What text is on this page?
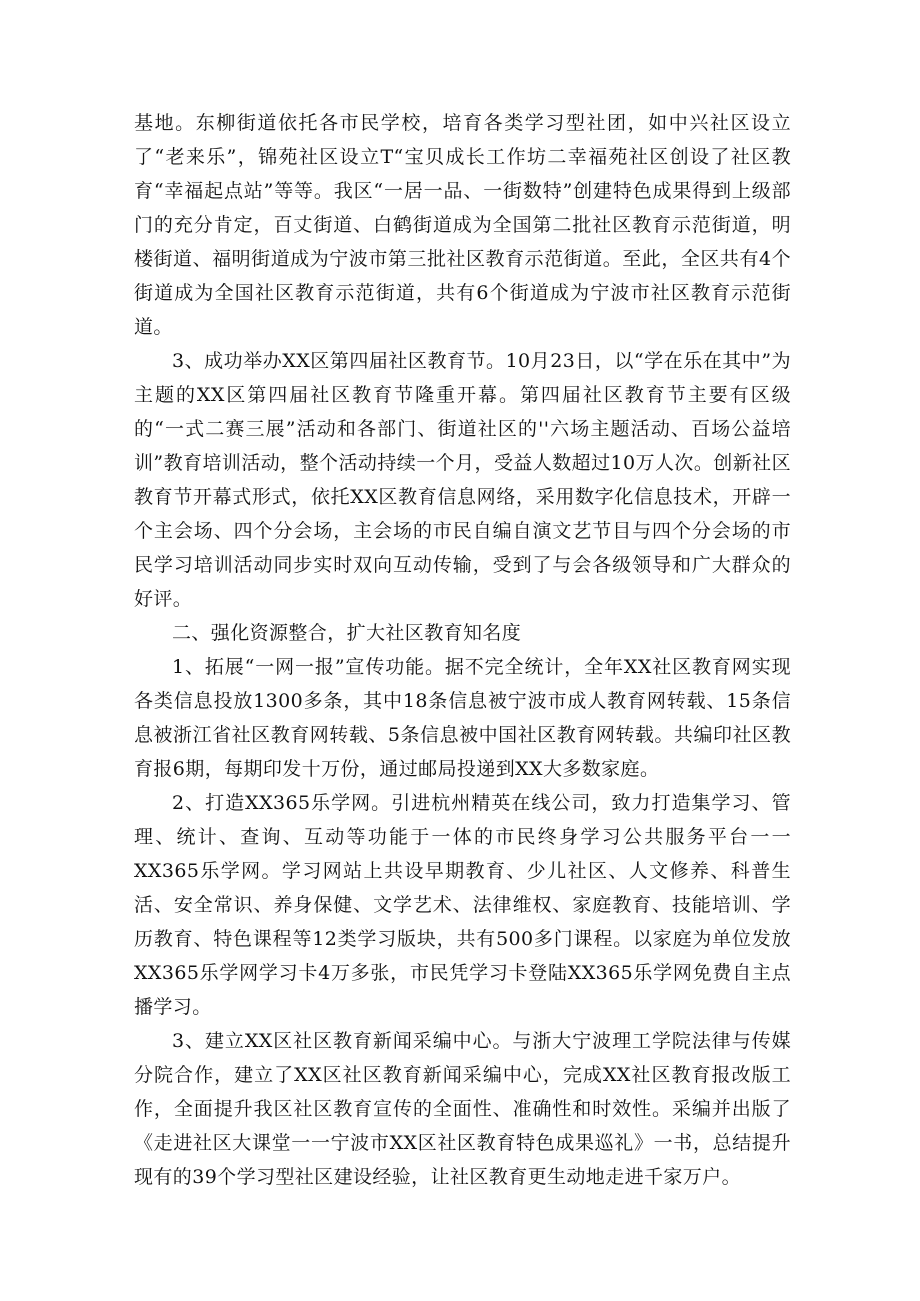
基地。东柳街道依托各市民学校，培育各类学习型社团，如中兴社区设立了“老来乐”，锦苑社区设立T“宝贝成长工作坊二幸福苑社区创设了社区教育“幸福起点站”等等。我区“一居一品、一街数特”创建特色成果得到上级部门的充分肯定，百丈街道、白鹤街道成为全国第二批社区教育示范街道，明楼街道、福明街道成为宁波市第三批社区教育示范街道。至此，全区共有4个街道成为全国社区教育示范街道，共有6个街道成为宁波市社区教育示范街道。

3、成功举办XX区第四届社区教育节。10月23日，以“学在乐在其中”为主题的XX区第四届社区教育节隆重开幕。第四届社区教育节主要有区级的“一式二赛三展”活动和各部门、街道社区的''六场主题活动、百场公益培训”教育培训活动，整个活动持续一个月，受益人数超过10万人次。创新社区教育节开幕式形式，依托XX区教育信息网络，采用数字化信息技术，开辟一个主会场、四个分会场，主会场的市民自编自演文艺节目与四个分会场的市民学习培训活动同步实时双向互动传输，受到了与会各级领导和广大群众的好评。

二、强化资源整合，扩大社区教育知名度

1、拓展“一网一报”宣传功能。据不完全统计，全年XX社区教育网实现各类信息投放1300多条，其中18条信息被宁波市成人教育网转载、15条信息被浙江省社区教育网转载、5条信息被中国社区教育网转载。共编印社区教育报6期，每期印发十万份，通过邮局投递到XX大多数家庭。

2、打造XX365乐学网。引进杭州精英在线公司，致力打造集学习、管理、统计、查询、互动等功能于一体的市民终身学习公共服务平台一一XX365乐学网。学习网站上共设早期教育、少儿社区、人文修养、科普生活、安全常识、养身保健、文学艺术、法律维权、家庭教育、技能培训、学历教育、特色课程等12类学习版块，共有500多门课程。以家庭为单位发放XX365乐学网学习卡4万多张，市民凭学习卡登陆XX365乐学网免费自主点播学习。

3、建立XX区社区教育新闻采编中心。与浙大宁波理工学院法律与传媒分院合作，建立了XX区社区教育新闻采编中心，完成XX社区教育报改版工作，全面提升我区社区教育宣传的全面性、准确性和时效性。采编并出版了《走进社区大课堂一一宁波市XX区社区教育特色成果巡礼》一书，总结提升现有的39个学习型社区建设经验，让社区教育更生动地走进千家万户。
